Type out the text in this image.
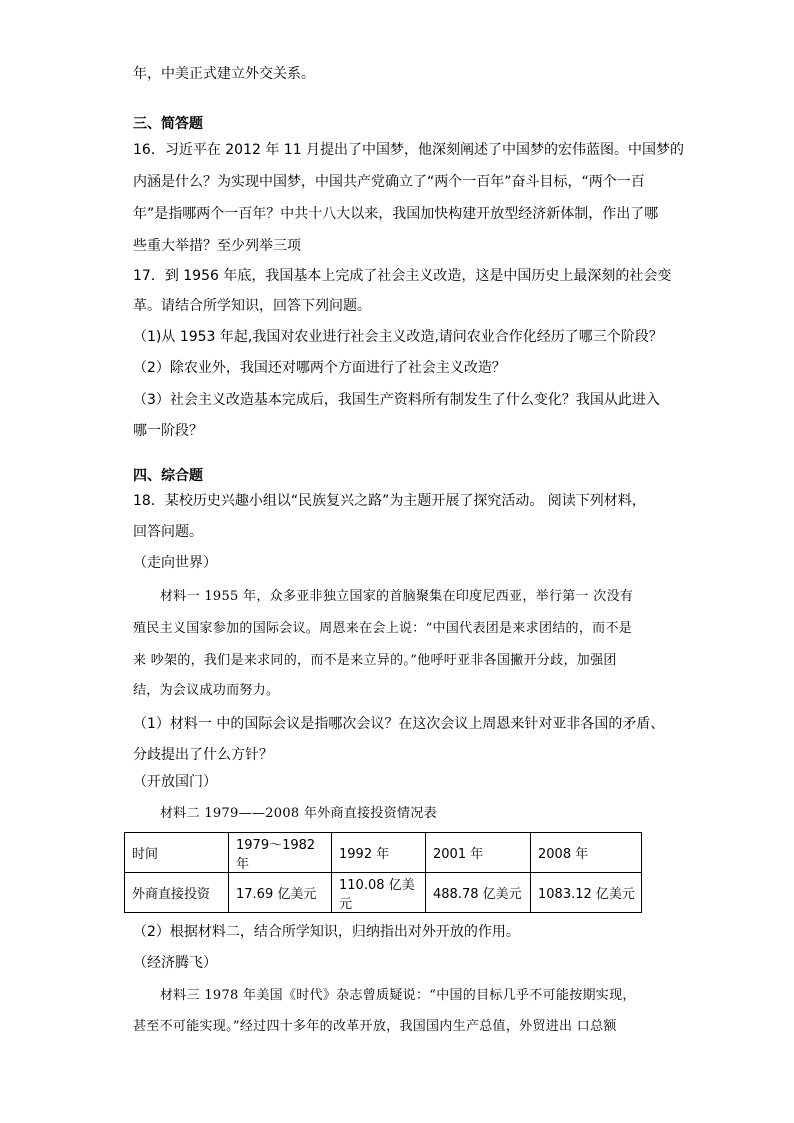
年，中美正式建立外交关系。
三、简答题
16．习近平在 2012 年 11 月提出了中国梦，他深刻阐述了中国梦的宏伟蓝图。中国梦的
内涵是什么？为实现中国梦，中国共产党确立了“两个一百年”奋斗目标，“两个一百
年”是指哪两个一百年？中共十八大以来，我国加快构建开放型经济新体制，作出了哪
些重大举措？至少列举三项
17．到 1956 年底，我国基本上完成了社会主义改造，这是中国历史上最深刻的社会变
革。请结合所学知识，回答下列问题。
（1)从 1953 年起,我国对农业进行社会主义改造,请问农业合作化经历了哪三个阶段？
（2）除农业外，我国还对哪两个方面进行了社会主义改造？
（3）社会主义改造基本完成后，我国生产资料所有制发生了什么变化？我国从此进入
哪一阶段？
四、综合题
18．某校历史兴趣小组以“民族复兴之路”为主题开展了探究活动。 阅读下列材料，
回答问题。
（走向世界）
材料一 1955 年，众多亚非独立国家的首脑聚集在印度尼西亚，举行第一 次没有
殖民主义国家参加的国际会议。周恩来在会上说：“中国代表团是来求团结的，而不是
来 吵架的，我们是来求同的，而不是来立异的。”他呼吁亚非各国撇开分歧，加强团
结，为会议成功而努力。
（1）材料一 中的国际会议是指哪次会议？在这次会议上周恩来针对亚非各国的矛盾、
分歧提出了什么方针？
（开放国门）
材料二 1979——2008 年外商直接投资情况表
时间	1979～1982 年	1992 年	2001 年	2008 年
外商直接投资	17.69 亿美元	110.08 亿美元	488.78 亿美元	1083.12 亿美元
（2）根据材料二，结合所学知识，归纳指出对外开放的作用。
（经济腾飞）
材料三 1978 年美国《时代》杂志曾质疑说：“中国的目标几乎不可能按期实现，
甚至不可能实现。”经过四十多年的改革开放，我国国内生产总值，外贸进出 口总额
